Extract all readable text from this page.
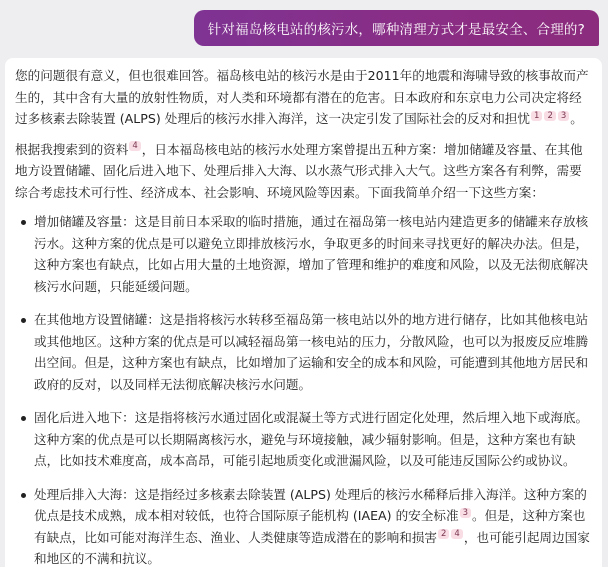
针对福岛核电站的核污水，哪种清理方式才是最安全、合理的?

您的问题很有意义，但也很难回答。福岛核电站的核污水是由于2011年的地震和海啸导致的核事故而产生的，其中含有大量的放射性物质，对人类和环境都有潜在的危害。日本政府和东京电力公司决定将经过多核素去除装置 (ALPS) 处理后的核污水排入海洋，这一决定引发了国际社会的反对和担忧 $^1$ $^2$ $^3$ 。

根据我搜索到的资料 $^4$ ，日本福岛核电站的核污水处理方案曾提出五种方案：增加储罐及容量、在其他地方设置储罐、固化后进入地下、处理后排入大海、以水蒸气形式排入大气。这些方案各有利弊，需要综合考虑技术可行性、经济成本、社会影响、环境风险等因素。下面我简单介绍一下这些方案：

增加储罐及容量：这是目前日本采取的临时措施，通过在福岛第一核电站内建造更多的储罐来存放核污水。这种方案的优点是可以避免立即排放核污水，争取更多的时间来寻找更好的解决办法。但是，这种方案也有缺点，比如占用大量的土地资源，增加了管理和维护的难度和风险，以及无法彻底解决核污水问题，只能延缓问题。
在其他地方设置储罐：这是指将核污水转移至福岛第一核电站以外的地方进行储存，比如其他核电站或其他地区。这种方案的优点是可以减轻福岛第一核电站的压力，分散风险，也可以为报废反应堆腾出空间。但是，这种方案也有缺点，比如增加了运输和安全的成本和风险，可能遭到其他地方居民和政府的反对，以及同样无法彻底解决核污水问题。
固化后进入地下：这是指将核污水通过固化或混凝土等方式进行固定化处理，然后埋入地下或海底。这种方案的优点是可以长期隔离核污水，避免与环境接触，减少辐射影响。但是，这种方案也有缺点，比如技术难度高，成本高昂，可能引起地质变化或泄漏风险，以及可能违反国际公约或协议。
处理后排入大海：这是指经过多核素去除装置 (ALPS) 处理后的核污水稀释后排入海洋。这种方案的优点是技术成熟，成本相对较低，也符合国际原子能机构 (IAEA) 的安全标准 $^3$ 。但是，这种方案也有缺点，比如可能对海洋生态、渔业、人类健康等造成潜在的影响和损害 $^2$ $^4$ ，也可能引起周边国家和地区的不满和抗议。
